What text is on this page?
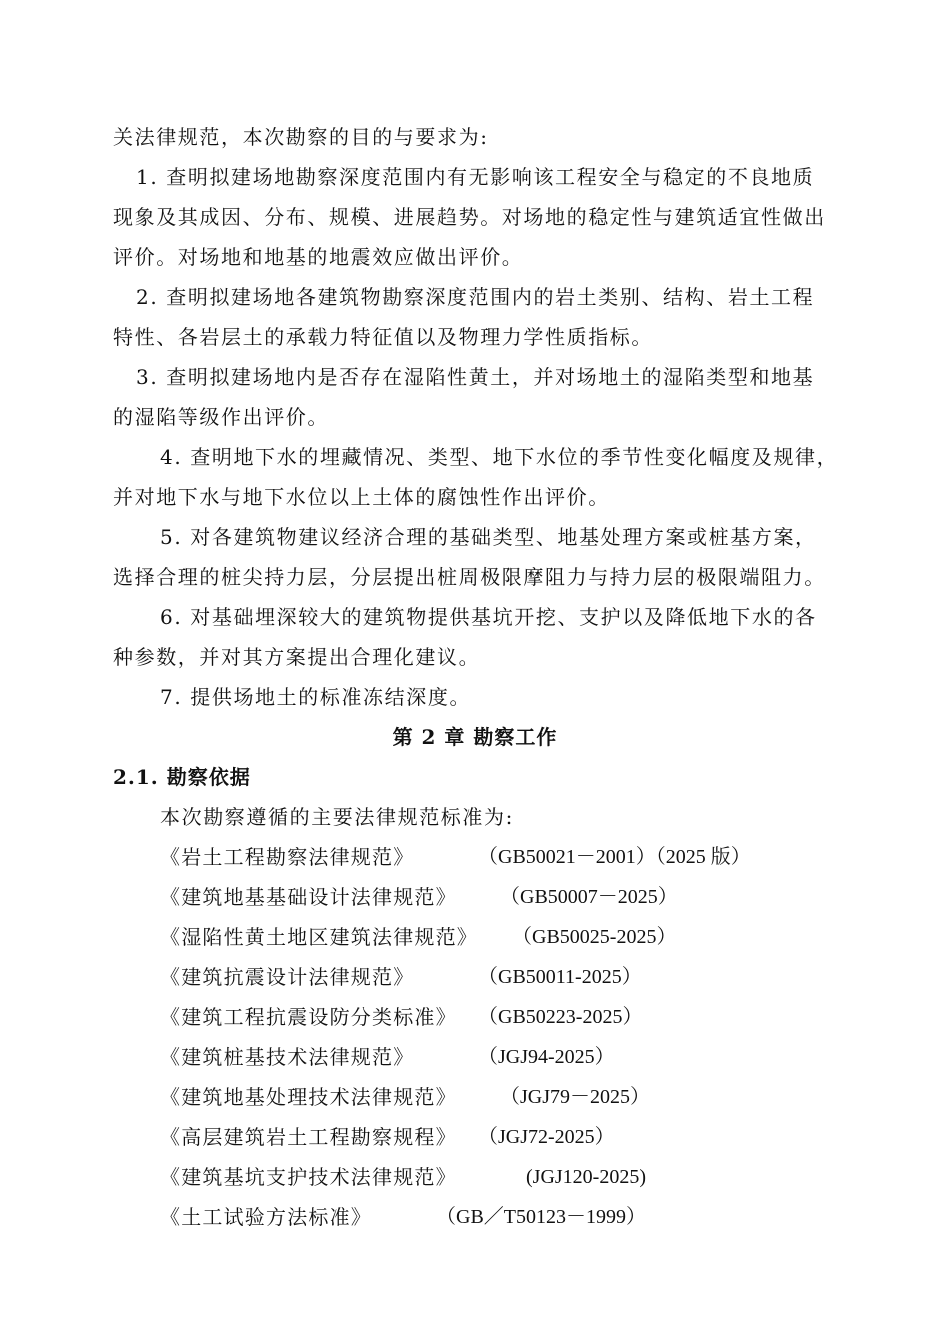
关法律规范，本次勘察的目的与要求为:
1. 查明拟建场地勘察深度范围内有无影响该工程安全与稳定的不良地质
现象及其成因、分布、规模、进展趋势。对场地的稳定性与建筑适宜性做出
评价。对场地和地基的地震效应做出评价。
2. 查明拟建场地各建筑物勘察深度范围内的岩土类别、结构、岩土工程
特性、各岩层土的承载力特征值以及物理力学性质指标。
3. 查明拟建场地内是否存在湿陷性黄土，并对场地土的湿陷类型和地基
的湿陷等级作出评价。
4. 查明地下水的埋藏情况、类型、地下水位的季节性变化幅度及规律，
并对地下水与地下水位以上土体的腐蚀性作出评价。
5. 对各建筑物建议经济合理的基础类型、地基处理方案或桩基方案，
选择合理的桩尖持力层，分层提出桩周极限摩阻力与持力层的极限端阻力。
6. 对基础埋深较大的建筑物提供基坑开挖、支护以及降低地下水的各
种参数，并对其方案提出合理化建议。
7. 提供场地土的标准冻结深度。
第 2 章 勘察工作
2.1. 勘察依据
本次勘察遵循的主要法律规范标准为:
《岩土工程勘察法律规范》	（GB50021－2001）（2025 版）
《建筑地基基础设计法律规范》 （GB50007－2025）
《湿陷性黄土地区建筑法律规范》 （GB50025-2025）
《建筑抗震设计法律规范》	（GB50011-2025）
《建筑工程抗震设防分类标准》 （GB50223-2025）
《建筑桩基技术法律规范》	（JGJ94-2025）
《建筑地基处理技术法律规范》 （JGJ79－2025）
《高层建筑岩土工程勘察规程》 （JGJ72-2025）
《建筑基坑支护技术法律规范》	(JGJ120-2025)
《土工试验方法标准》	（GB／T50123－1999）
